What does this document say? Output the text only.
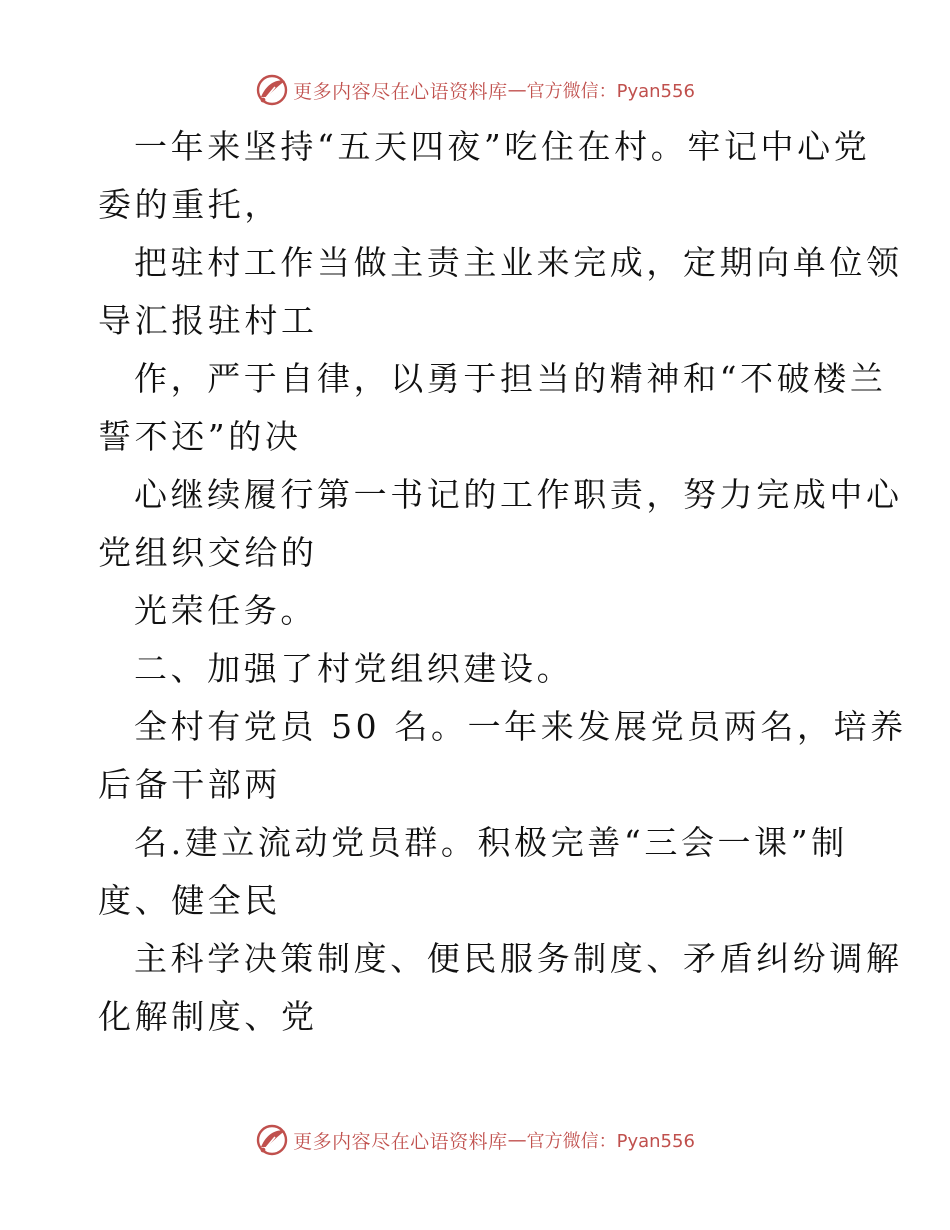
更多内容尽在心语资料库 — 官方微信：Pyan556
一年来坚持“五天四夜”吃住在村。牢记中心党
委的重托，
把驻村工作当做主责主业来完成，定期向单位领
导汇报驻村工
作，严于自律，以勇于担当的精神和“不破楼兰
誓不还”的决
心继续履行第一书记的工作职责，努力完成中心
党组织交给的
光荣任务。
二、加强了村党组织建设。
全村有党员 50 名。一年来发展党员两名，培养
后备干部两
名.建立流动党员群。积极完善“三会一课”制
度、健全民
主科学决策制度、便民服务制度、矛盾纠纷调解
化解制度、党
更多内容尽在心语资料库 — 官方微信：Pyan556
